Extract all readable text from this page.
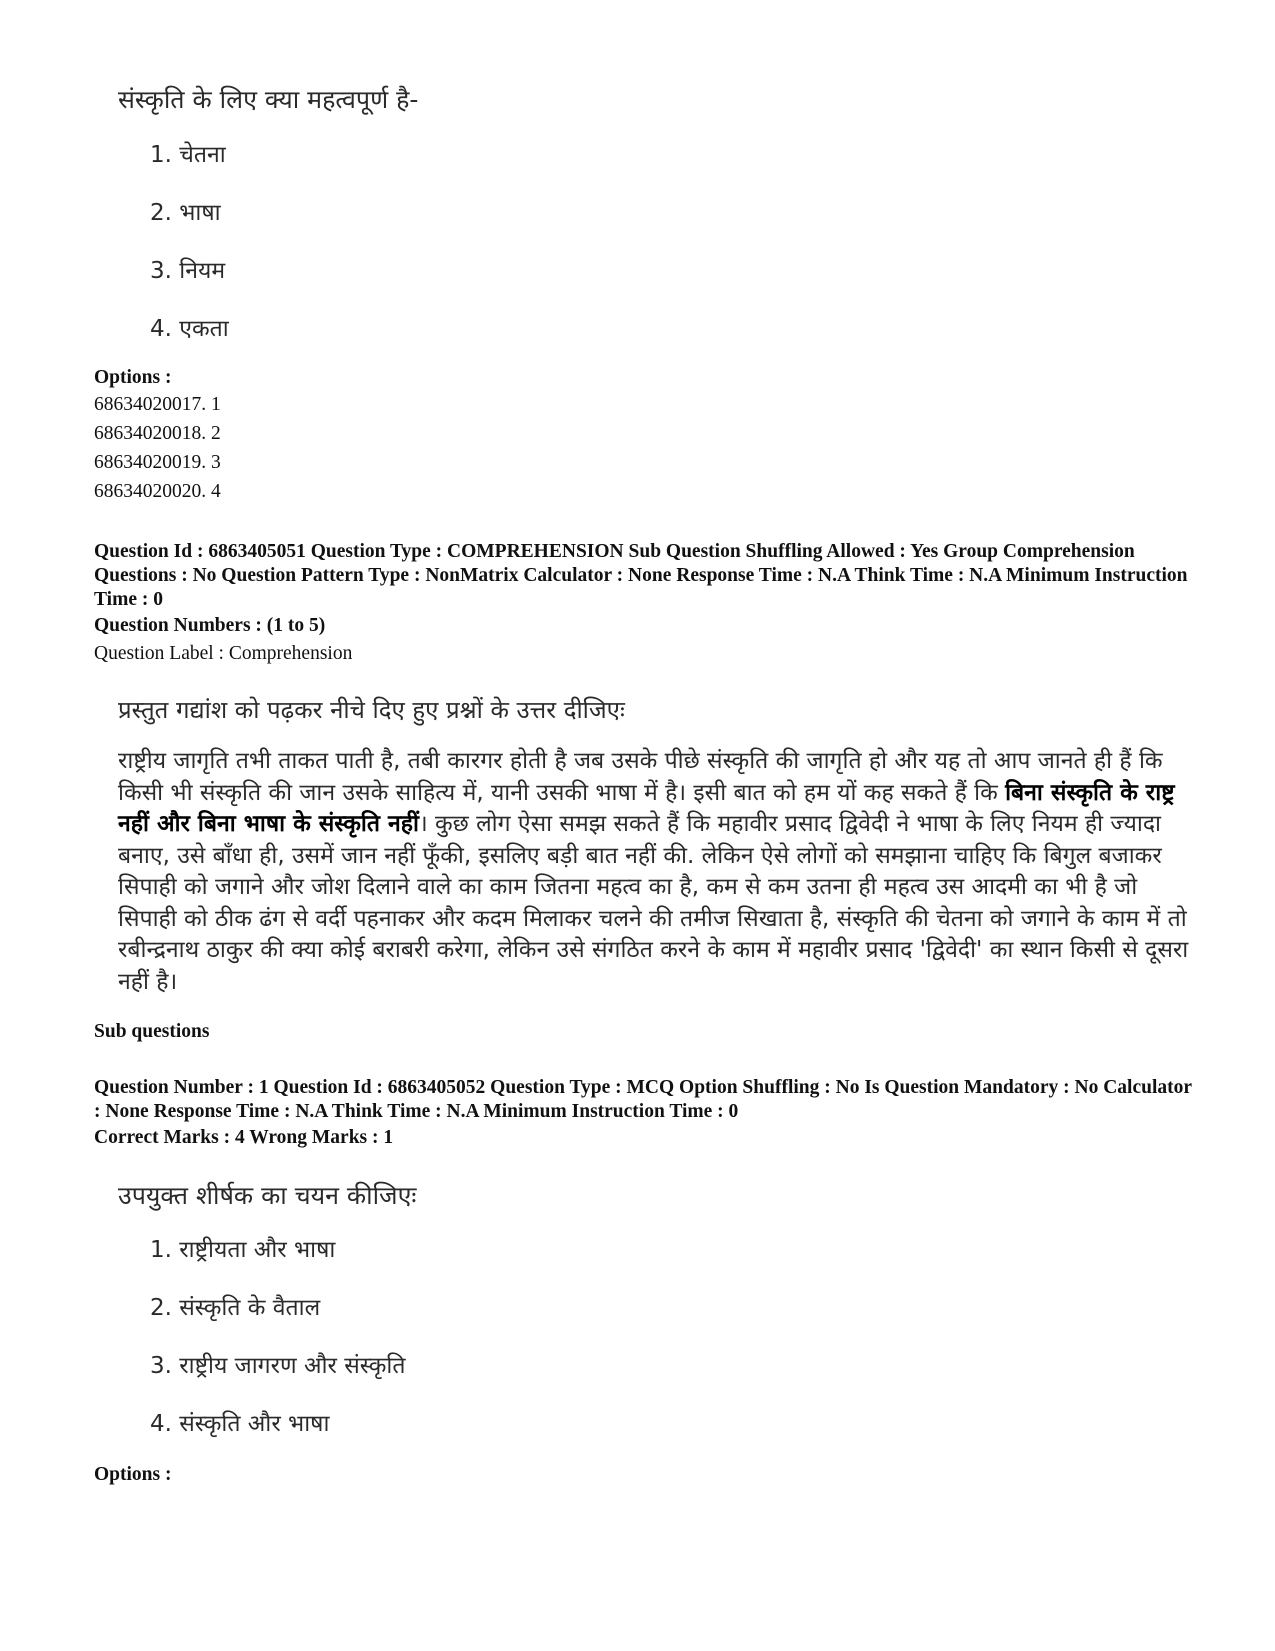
संस्कृति के लिए क्या महत्वपूर्ण है-
1. चेतना
2. भाषा
3. नियम
4. एकता
Options :
68634020017. 1
68634020018. 2
68634020019. 3
68634020020. 4
Question Id : 6863405051 Question Type : COMPREHENSION Sub Question Shuffling Allowed : Yes Group Comprehension Questions : No Question Pattern Type : NonMatrix Calculator : None Response Time : N.A Think Time : N.A Minimum Instruction Time : 0
Question Numbers : (1 to 5)
Question Label : Comprehension
प्रस्तुत गद्यांश को पढ़कर नीचे दिए हुए प्रश्नों के उत्तर दीजिएः
राष्ट्रीय जागृति तभी ताकत पाती है, तबी कारगर होती है जब उसके पीछे संस्कृति की जागृति हो और यह तो आप जानते ही हैं कि किसी भी संस्कृति की जान उसके साहित्य में, यानी उसकी भाषा में है। इसी बात को हम यों कह सकते हैं कि बिना संस्कृति के राष्ट्र नहीं और बिना भाषा के संस्कृति नहीं। कुछ लोग ऐसा समझ सकते हैं कि महावीर प्रसाद द्विवेदी ने भाषा के लिए नियम ही ज्यादा बनाए, उसे बाँधा ही, उसमें जान नहीं फूँकी, इसलिए बड़ी बात नहीं की. लेकिन ऐसे लोगों को समझाना चाहिए कि बिगुल बजाकर सिपाही को जगाने और जोश दिलाने वाले का काम जितना महत्व का है, कम से कम उतना ही महत्व उस आदमी का भी है जो सिपाही को ठीक ढंग से वर्दी पहनाकर और कदम मिलाकर चलने की तमीज सिखाता है, संस्कृति की चेतना को जगाने के काम में तो रबीन्द्रनाथ ठाकुर की क्या कोई बराबरी करेगा, लेकिन उसे संगठित करने के काम में महावीर प्रसाद 'द्विवेदी' का स्थान किसी से दूसरा नहीं है।
Sub questions
Question Number : 1 Question Id : 6863405052 Question Type : MCQ Option Shuffling : No Is Question Mandatory : No Calculator : None Response Time : N.A Think Time : N.A Minimum Instruction Time : 0
Correct Marks : 4 Wrong Marks : 1
उपयुक्त शीर्षक का चयन कीजिएः
1. राष्ट्रीयता और भाषा
2. संस्कृति के वैताल
3. राष्ट्रीय जागरण और संस्कृति
4. संस्कृति और भाषा
Options :
